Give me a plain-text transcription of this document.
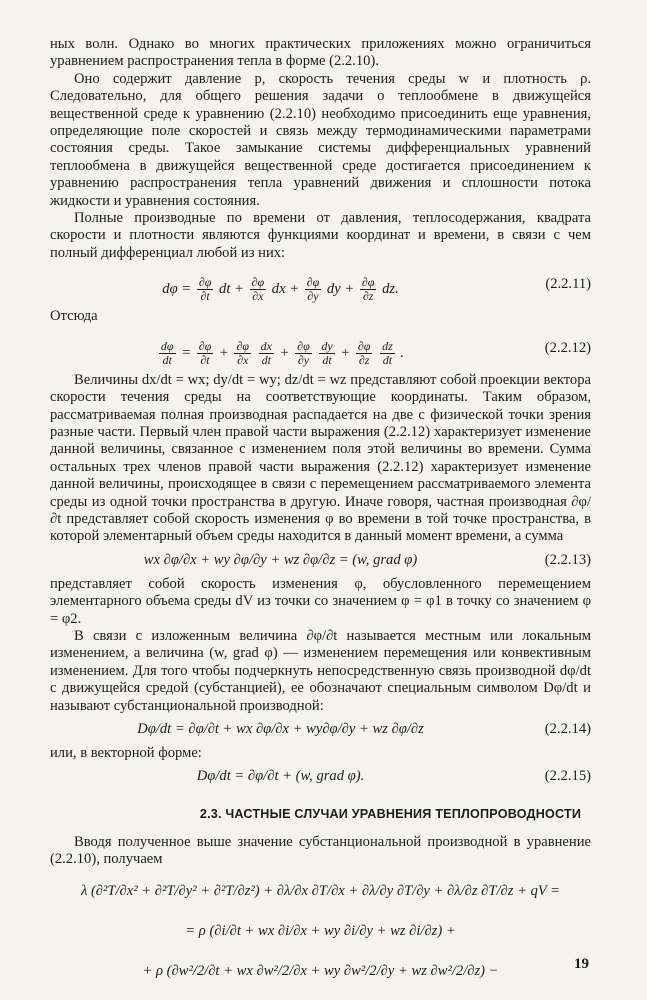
ных волн. Однако во многих практических приложениях можно ограничиться уравнением распространения тепла в форме (2.2.10).

Оно содержит давление p, скорость течения среды w и плотность ρ. Следовательно, для общего решения задачи о теплообмене в движущейся вещественной среде к уравнению (2.2.10) необходимо присоединить еще уравнения, определяющие поле скоростей и связь между термодинамическими параметрами состояния среды. Такое замыкание системы дифференциальных уравнений теплообмена в движущейся вещественной среде достигается присоединением к уравнению распространения тепла уравнений движения и сплошности потока жидкости и уравнения состояния.

Полные производные по времени от давления, теплосодержания, квадрата скорости и плотности являются функциями координат и времени, в связи с чем полный дифференциал любой из них:

$d\varphi = \frac{\partial\varphi}{\partial t}$ dt + $\frac{\partial\varphi}{\partial x}$ dx + $\frac{\partial\varphi}{\partial y}$ dy + $\frac{\partial\varphi}{\partial z}$ dz.	(2.2.11)

Отсюда

$\frac{d\varphi}{dt} = \frac{\partial\varphi}{\partial t} + \frac{\partial\varphi}{\partial x}$
$\frac{dx}{dt} + \frac{\partial\varphi}{\partial y}$
$\frac{dy}{dt} + \frac{\partial\varphi}{\partial z}$
$\frac{dz}{dt}$ .	(2.2.12)

Величины dx/dt = wx; dy/dt = wy; dz/dt = wz представляют собой проекции вектора скорости течения среды на соответствующие координаты. Таким образом, рассматриваемая полная производная распадается на две с физической точки зрения разные части. Первый член правой части выражения (2.2.12) характеризует изменение данной величины, связанное с изменением поля этой величины во времени. Сумма остальных трех членов правой части выражения (2.2.12) характеризует изменение данной величины, происходящее в связи с перемещением рассматриваемого элемента среды из одной точки пространства в другую. Иначе говоря, частная производная ∂φ/∂t представляет собой скорость изменения φ во времени в той точке пространства, в которой элементарный объем среды находится в данный момент времени, а сумма

wx ∂φ/∂x + wy ∂φ/∂y + wz ∂φ/∂z = (w, grad φ)	(2.2.13)

представляет собой скорость изменения φ, обусловленного перемещением элементарного объема среды dV из точки со значением φ = φ1 в точку со значением φ = φ2.

В связи с изложенным величина ∂φ/∂t называется местным или локальным изменением, а величина (w, grad φ) — изменением перемещения или конвективным изменением. Для того чтобы подчеркнуть непосредственную связь производной dφ/dt с движущейся средой (субстанцией), ее обозначают специальным символом Dφ/dt и называют субстанциональной производной:

Dφ/dt = ∂φ/∂t + wx ∂φ/∂x + wy∂φ/∂y + wz ∂φ/∂z	(2.2.14)

или, в векторной форме:

Dφ/dt = ∂φ/∂t + (w, grad φ).	(2.2.15)
2.3. ЧАСТНЫЕ СЛУЧАИ УРАВНЕНИЯ ТЕПЛОПРОВОДНОСТИ

Вводя полученное выше значение субстанциональной производной в уравнение (2.2.10), получаем

λ (∂²T/∂x² + ∂²T/∂y² + ∂²T/∂z²) + ∂λ/∂x ∂T/∂x + ∂λ/∂y ∂T/∂y + ∂λ/∂z ∂T/∂z + qV =
= ρ (∂i/∂t + wx ∂i/∂x + wy ∂i/∂y + wz ∂i/∂z) +
+ ρ (∂w²/2/∂t + wx ∂w²/2/∂x + wy ∂w²/2/∂y + wz ∂w²/2/∂z) −	19
